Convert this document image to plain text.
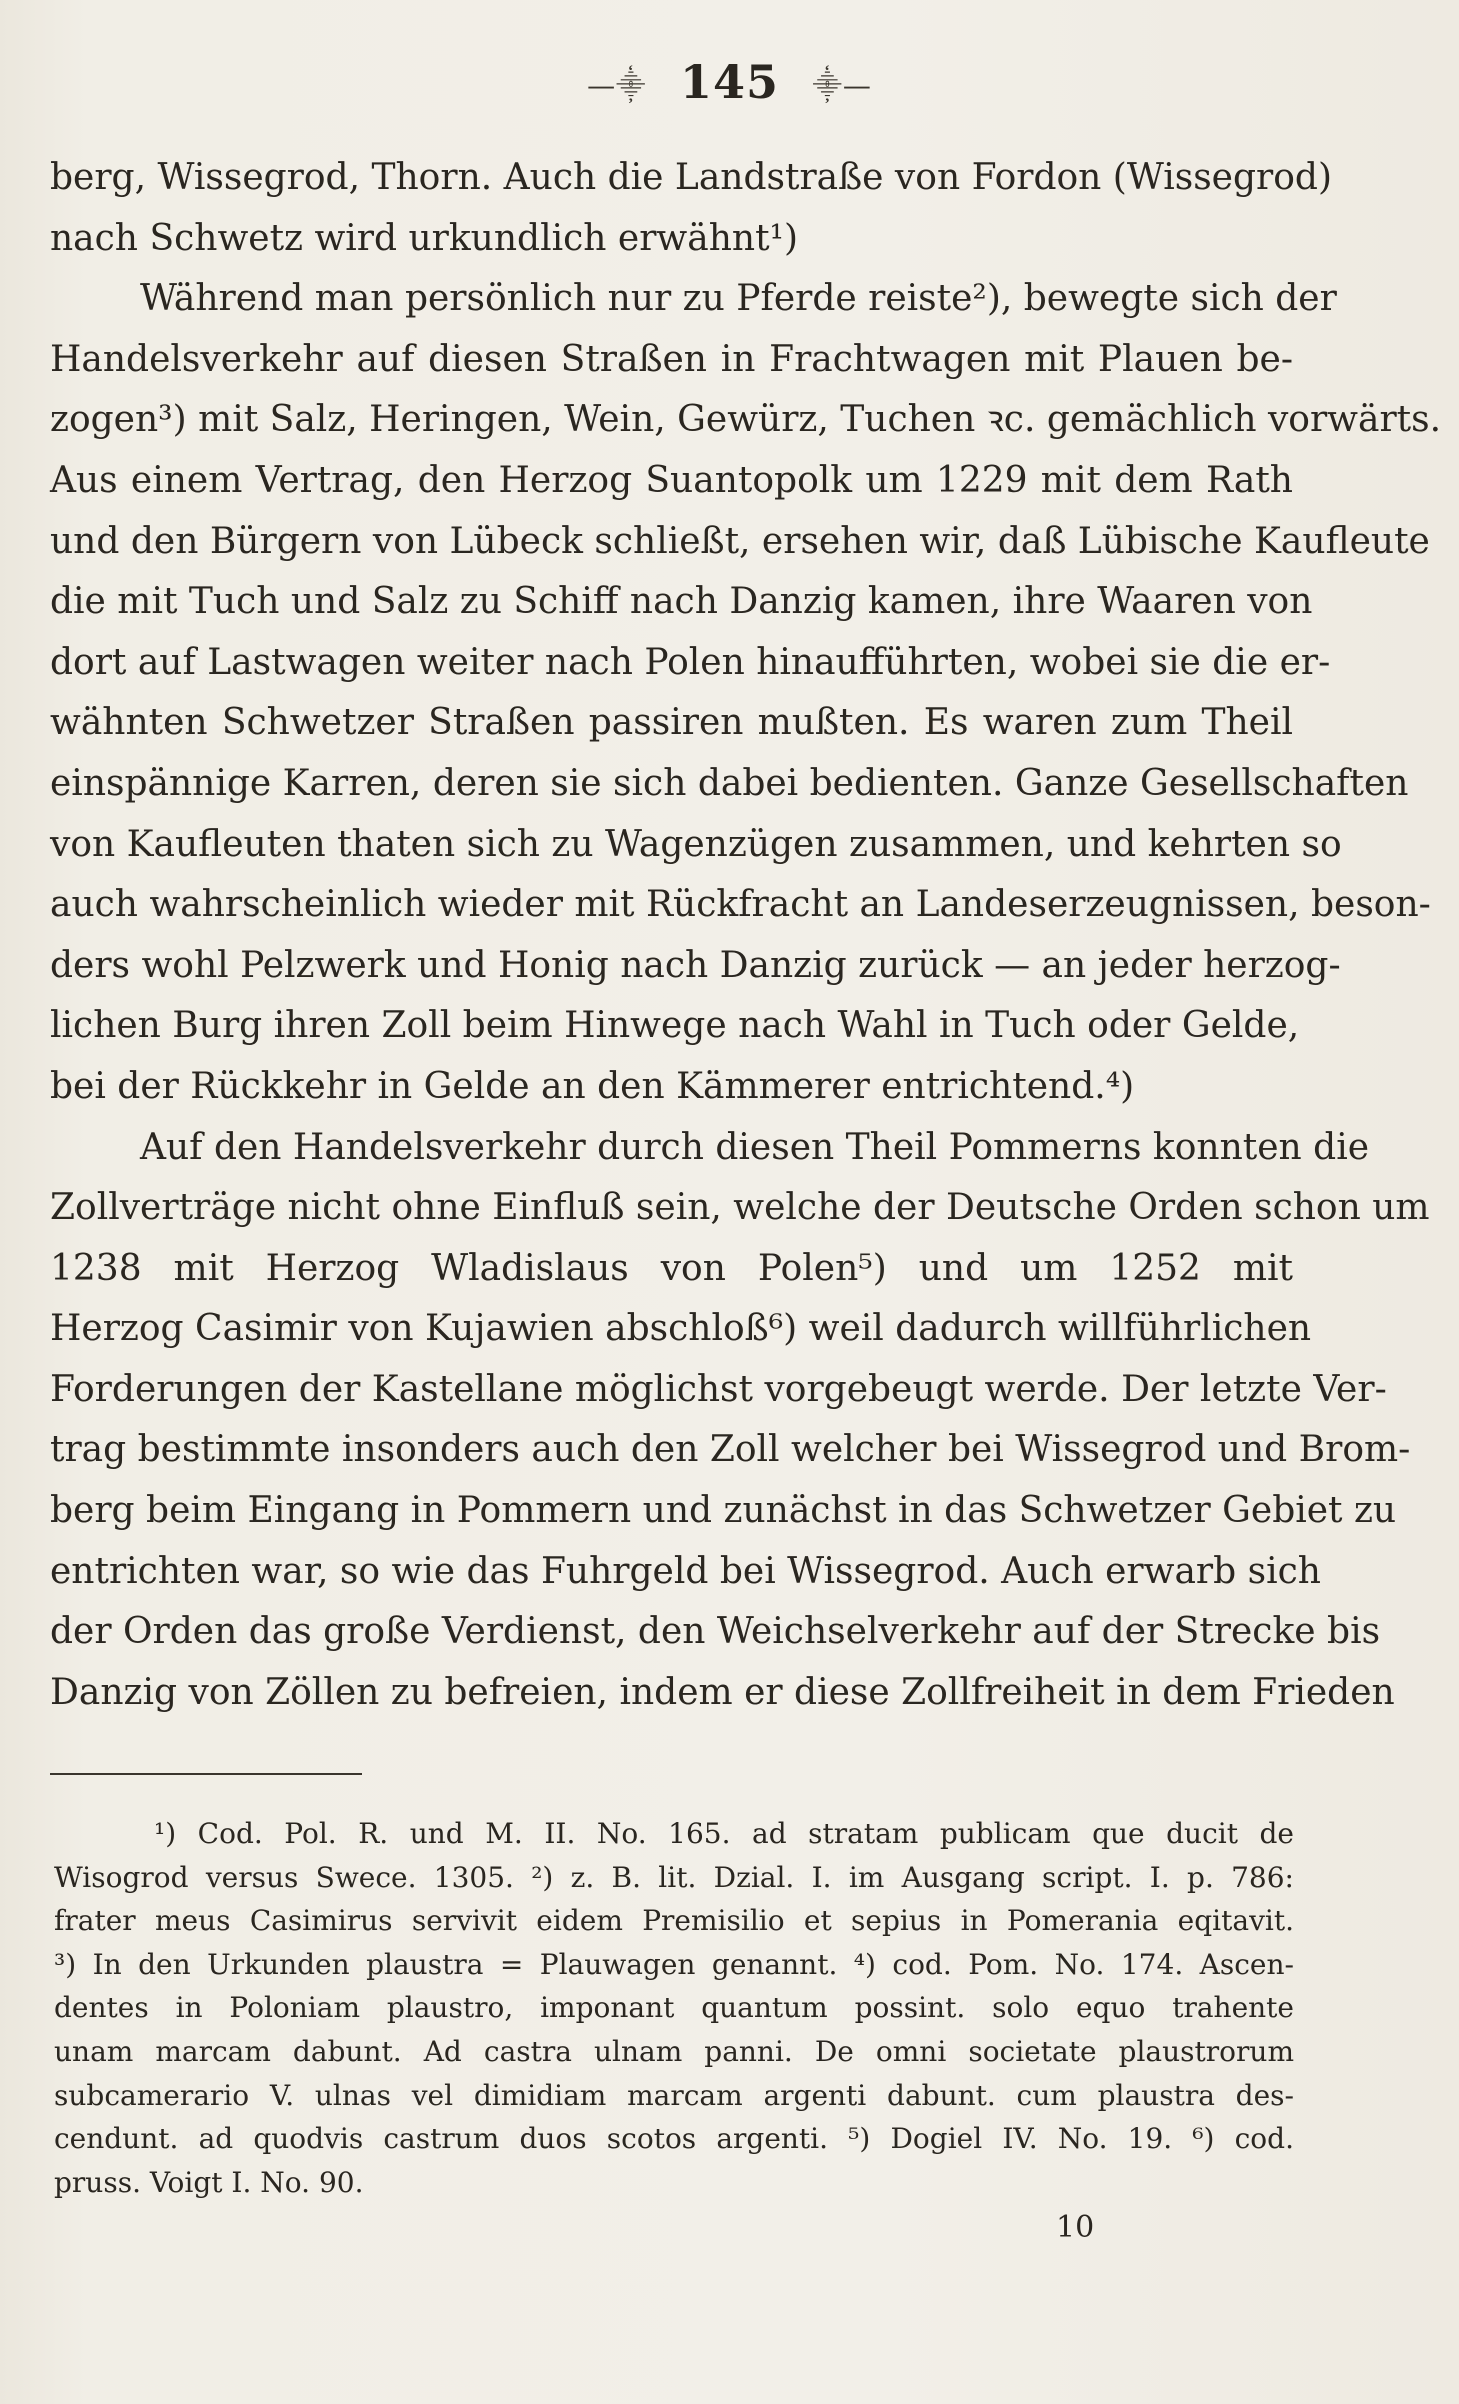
—⸎ 145 ⸎—
berg, Wissegrod, Thorn. Auch die Landstraße von Fordon (Wissegrod)
nach Schwetz wird urkundlich erwähnt¹)
Während man persönlich nur zu Pferde reiste²), bewegte sich der
Handelsverkehr auf diesen Straßen in Frachtwagen mit Plauen be-
zogen³) mit Salz, Heringen, Wein, Gewürz, Tuchen ꝛc. gemächlich vorwärts.
Aus einem Vertrag, den Herzog Suantopolk um 1229 mit dem Rath
und den Bürgern von Lübeck schließt, ersehen wir, daß Lübische Kaufleute
die mit Tuch und Salz zu Schiff nach Danzig kamen, ihre Waaren von
dort auf Lastwagen weiter nach Polen hinaufführten, wobei sie die er-
wähnten Schwetzer Straßen passiren mußten. Es waren zum Theil
einspännige Karren, deren sie sich dabei bedienten. Ganze Gesellschaften
von Kaufleuten thaten sich zu Wagenzügen zusammen, und kehrten so
auch wahrscheinlich wieder mit Rückfracht an Landeserzeugnissen, beson-
ders wohl Pelzwerk und Honig nach Danzig zurück — an jeder herzog-
lichen Burg ihren Zoll beim Hinwege nach Wahl in Tuch oder Gelde,
bei der Rückkehr in Gelde an den Kämmerer entrichtend.⁴)
Auf den Handelsverkehr durch diesen Theil Pommerns konnten die
Zollverträge nicht ohne Einfluß sein, welche der Deutsche Orden schon um
1238 mit Herzog Wladislaus von Polen⁵) und um 1252 mit
Herzog Casimir von Kujawien abschloß⁶) weil dadurch willführlichen
Forderungen der Kastellane möglichst vorgebeugt werde. Der letzte Ver-
trag bestimmte insonders auch den Zoll welcher bei Wissegrod und Brom-
berg beim Eingang in Pommern und zunächst in das Schwetzer Gebiet zu
entrichten war, so wie das Fuhrgeld bei Wissegrod. Auch erwarb sich
der Orden das große Verdienst, den Weichselverkehr auf der Strecke bis
Danzig von Zöllen zu befreien, indem er diese Zollfreiheit in dem Frieden
¹) Cod. Pol. R. und M. II. No. 165. ad stratam publicam que ducit de
Wisogrod versus Swece. 1305. ²) z. B. lit. Dzial. I. im Ausgang script. I. p. 786:
frater meus Casimirus servivit eidem Premisilio et sepius in Pomerania eqitavit.
³) In den Urkunden plaustra = Plauwagen genannt. ⁴) cod. Pom. No. 174. Ascen-
dentes in Poloniam plaustro, imponant quantum possint. solo equo trahente
unam marcam dabunt. Ad castra ulnam panni. De omni societate plaustrorum
subcamerario V. ulnas vel dimidiam marcam argenti dabunt. cum plaustra des-
cendunt. ad quodvis castrum duos scotos argenti. ⁵) Dogiel IV. No. 19. ⁶) cod.
pruss. Voigt I. No. 90.
10
